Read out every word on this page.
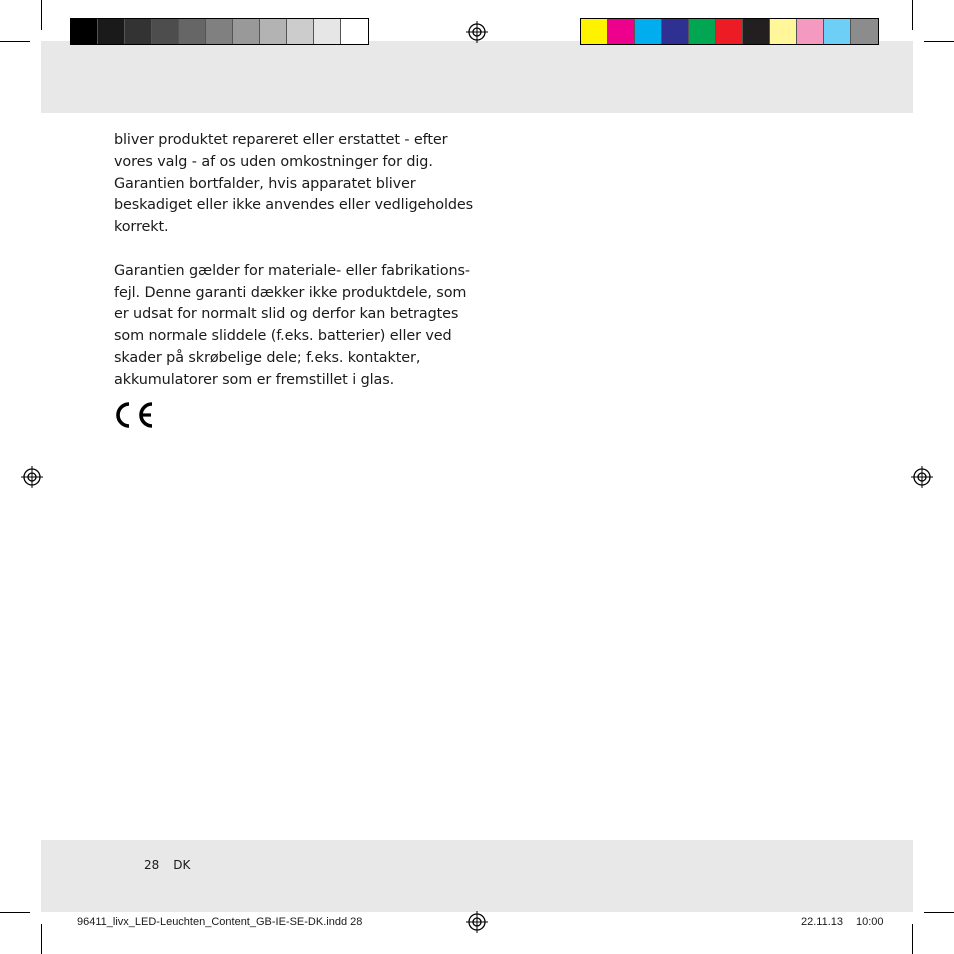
bliver produktet repareret eller erstattet - efter vores valg - af os uden omkostninger for dig. Garantien bortfalder, hvis apparatet bliver beskadiget eller ikke anvendes eller vedligeholdes korrekt.

Garantien gælder for materiale- eller fabrikations-fejl. Denne garanti dækker ikke produktdele, som er udsat for normalt slid og derfor kan betragtes som normale sliddele (f.eks. batterier) eller ved skader på skrøbelige dele; f.eks. kontakter, akkumulatorer som er fremstillet i glas.

28 DK
96411_livx_LED-Leuchten_Content_GB-IE-SE-DK.indd 28	22.11.13 10:00
